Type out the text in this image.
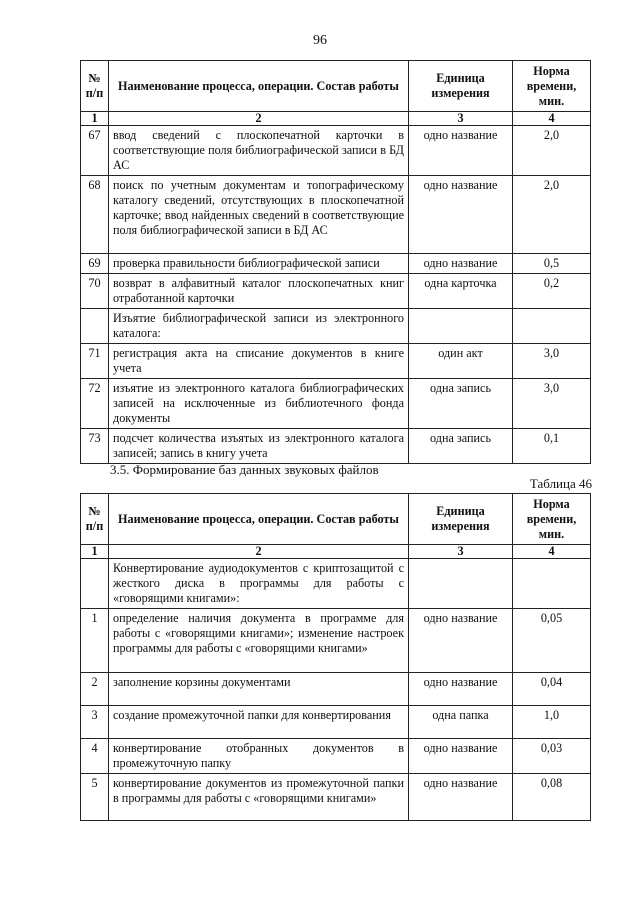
96
№ п/п	Наименование процесса, операции. Состав работы	Единица измерения	Норма времени, мин.
1	2	3	4
67	ввод сведений с плоскопечатной карточки в соответствующие поля библиографической записи в БД АС	одно название	2,0
68	поиск по учетным документам и топографическому каталогу сведений, отсутствующих в плоскопечатной карточке; ввод найденных сведений в соответствующие поля библиографической записи в БД АС	одно название	2,0
69	проверка правильности библиографической записи	одно название	0,5
70	возврат в алфавитный каталог плоскопечатных книг отработанной карточки	одна карточка	0,2
	Изъятие библиографической записи из электронного каталога:		
71	регистрация акта на списание документов в книге учета	один акт	3,0
72	изъятие из электронного каталога библиографических записей на исключенные из библиотечного фонда документы	одна запись	3,0
73	подсчет количества изъятых из электронного каталога записей; запись в книгу учета	одна запись	0,1
3.5. Формирование баз данных звуковых файлов
Таблица 46
№ п/п	Наименование процесса, операции. Состав работы	Единица измерения	Норма времени, мин.
1	2	3	4
	Конвертирование аудиодокументов с криптозащитой с жесткого диска в программы для работы с «говорящими книгами»:		
1	определение наличия документа в программе для работы с «говорящими книгами»; изменение настроек программы для работы с «говорящими книгами»	одно название	0,05
2	заполнение корзины документами	одно название	0,04
3	создание промежуточной папки для конвертирования	одна папка	1,0
4	конвертирование отобранных документов в промежуточную папку	одно название	0,03
5	конвертирование документов из промежуточной папки в программы для работы с «говорящими книгами»	одно название	0,08
